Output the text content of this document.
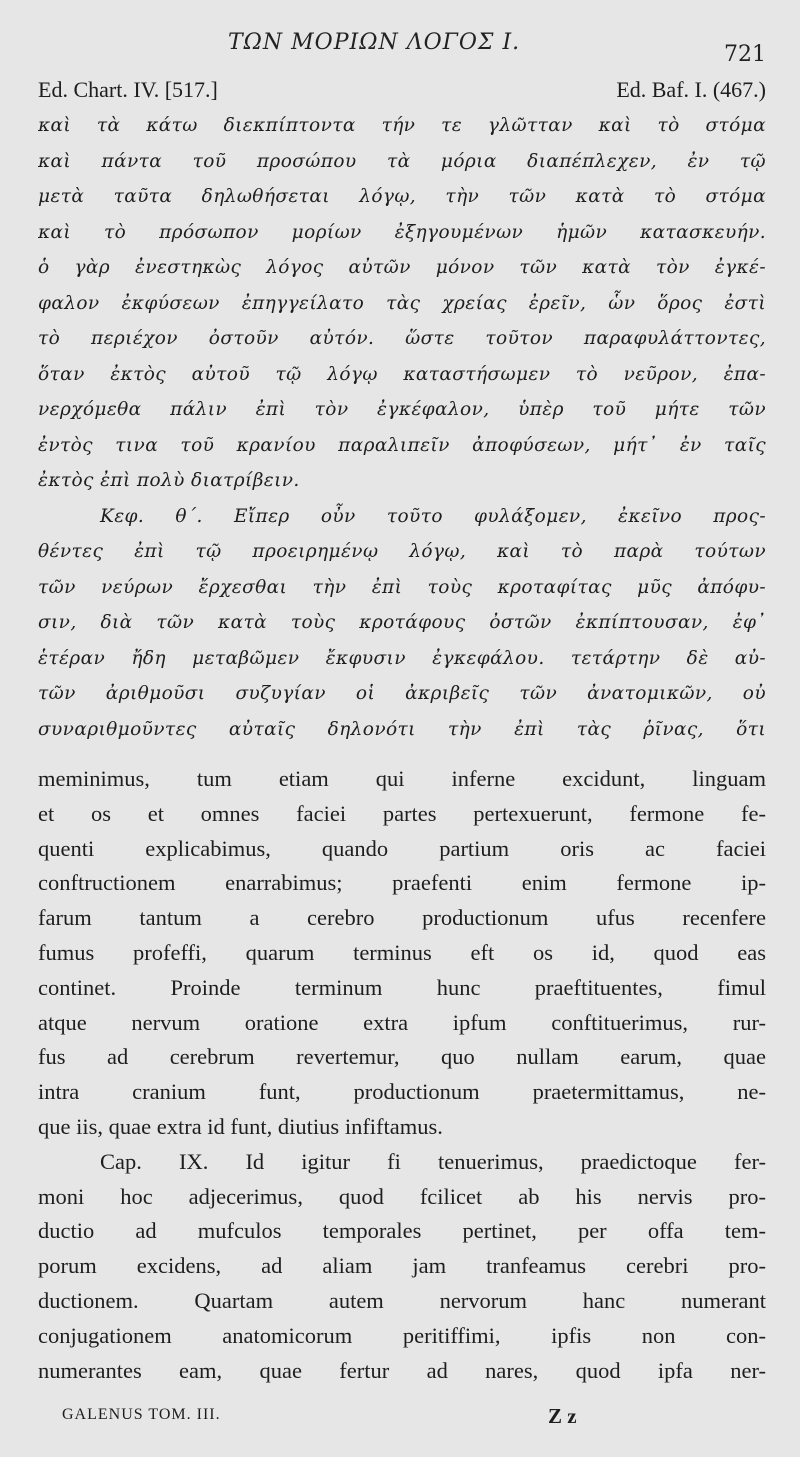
ΤΩΝ ΜΟΡΙΩΝ ΛΟΓΟΣ Ι.	721
Ed. Chart. IV. [517.]	Ed. Baf. I. (467.)
καὶ τὰ κάτω διεκπίπτοντα τήν τε γλῶτταν καὶ τὸ στόμα
καὶ πάντα τοῦ προσώπου τὰ μόρια διαπέπλεχεν, ἐν τῷ
μετὰ ταῦτα δηλωθήσεται λόγῳ, τὴν τῶν κατὰ τὸ στόμα
καὶ τὸ πρόσωπον μορίων ἐξηγουμένων ἡμῶν κατασκευήν.
ὁ γὰρ ἐνεστηκὼς λόγος αὐτῶν μόνον τῶν κατὰ τὸν ἐγκέ-
φαλον ἐκφύσεων ἐπηγγείλατο τὰς χρείας ἐρεῖν, ὧν ὅρος ἐστὶ
τὸ περιέχον ὀστοῦν αὐτόν. ὥστε τοῦτον παραφυλάττοντες,
ὅταν ἐκτὸς αὐτοῦ τῷ λόγῳ καταστήσωμεν τὸ νεῦρον, ἐπα-
νερχόμεθα πάλιν ἐπὶ τὸν ἐγκέφαλον, ὑπὲρ τοῦ μήτε τῶν
ἐντὸς τινα τοῦ κρανίου παραλιπεῖν ἀποφύσεων, μήτ᾽ ἐν ταῖς
ἐκτὸς ἐπὶ πολὺ διατρίβειν.
Κεφ. θ΄. Εἴπερ οὖν τοῦτο φυλάξομεν, ἐκεῖνο προς-
θέντες ἐπὶ τῷ προειρημένῳ λόγῳ, καὶ τὸ παρὰ τούτων
τῶν νεύρων ἔρχεσθαι τὴν ἐπὶ τοὺς κροταφίτας μῦς ἀπόφυ-
σιν, διὰ τῶν κατὰ τοὺς κροτάφους ὀστῶν ἐκπίπτουσαν, ἐφ᾽
ἑτέραν ἤδη μεταβῶμεν ἔκφυσιν ἐγκεφάλου. τετάρτην δὲ αὐ-
τῶν ἀριθμοῦσι συζυγίαν οἱ ἀκριβεῖς τῶν ἀνατομικῶν, οὐ
συναριθμοῦντες αὐταῖς δηλονότι τὴν ἐπὶ τὰς ῥῖνας, ὅτι
meminimus, tum etiam qui inferne excidunt, linguam
et os et omnes faciei partes pertexuerunt, fermone fe-
quenti explicabimus, quando partium oris ac faciei
conftructionem enarrabimus; praefenti enim fermone ip-
farum tantum a cerebro productionum ufus recenfere
fumus profeffi, quarum terminus eft os id, quod eas
continet. Proinde terminum hunc praeftituentes, fimul
atque nervum oratione extra ipfum conftituerimus, rur-
fus ad cerebrum revertemur, quo nullam earum, quae
intra cranium funt, productionum praetermittamus, ne-
que iis, quae extra id funt, diutius infiftamus.
Cap. IX. Id igitur fi tenuerimus, praedictoque fer-
moni hoc adjecerimus, quod fcilicet ab his nervis pro-
ductio ad mufculos temporales pertinet, per offa tem-
porum excidens, ad aliam jam tranfeamus cerebri pro-
ductionem. Quartam autem nervorum hanc numerant
conjugationem anatomicorum peritiffimi, ipfis non con-
numerantes eam, quae fertur ad nares, quod ipfa ner-
GALENUS TOM. III.	Z z
